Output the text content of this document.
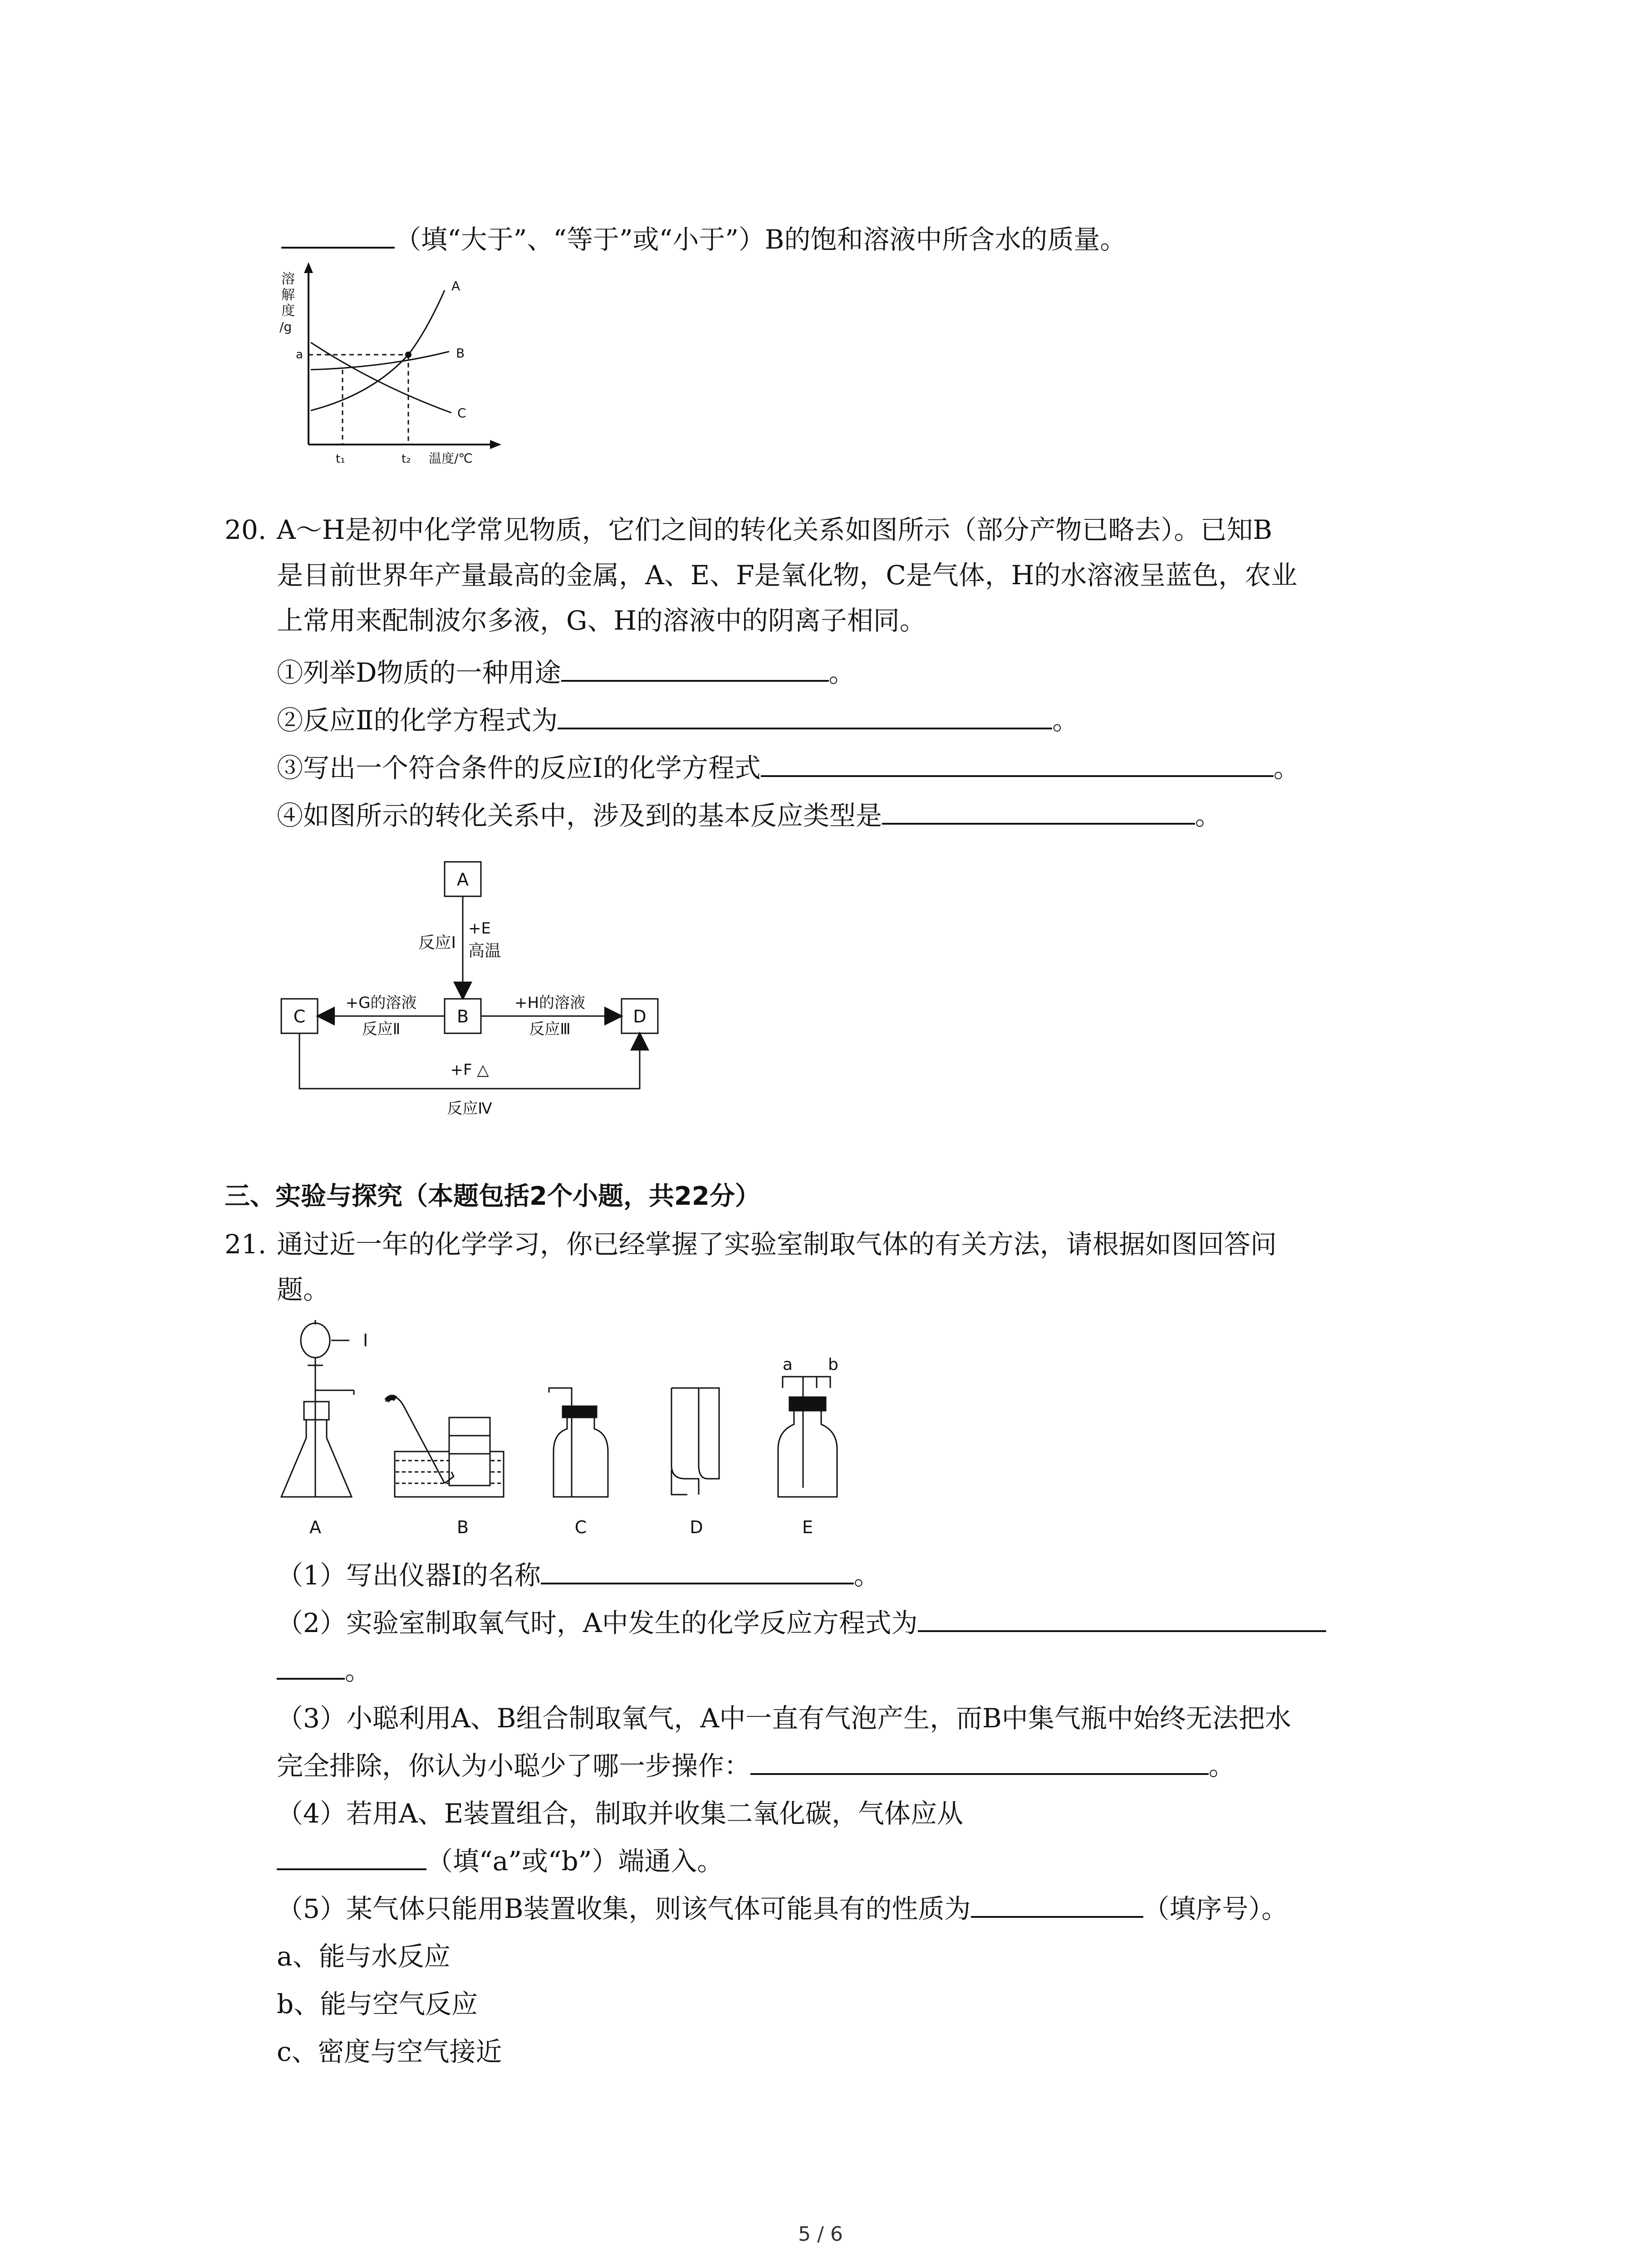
（填“大于”、“等于”或“小于”）B的饱和溶液中所含水的质量。
溶
解
度
/g
a
A
B
C
t₁	t₂ 温度/℃
20. A～H是初中化学常见物质，它们之间的转化关系如图所示（部分产物已略去）。已知B
是目前世界年产量最高的金属，A、E、F是氧化物，C是气体，H的水溶液呈蓝色，农业
上常用来配制波尔多液，G、H的溶液中的阴离子相同。
①列举D物质的一种用途	。
②反应Ⅱ的化学方程式为	。
③写出一个符合条件的反应Ⅰ的化学方程式	。
④如图所示的转化关系中，涉及到的基本反应类型是	。
A
反应Ⅰ
+E
高温
B
C	D
+G的溶液
反应Ⅱ
+H的溶液
反应Ⅲ
+F △
反应Ⅳ
三、实验与探究（本题包括2个小题，共22分）
21. 通过近一年的化学学习，你已经掌握了实验室制取气体的有关方法，请根据如图回答问
题。
I
a b
A	B	C	D	E
（1）写出仪器Ⅰ的名称	。
（2）实验室制取氧气时，A中发生的化学反应方程式为
。
（3）小聪利用A、B组合制取氧气，A中一直有气泡产生，而B中集气瓶中始终无法把水
完全排除，你认为小聪少了哪一步操作：	。
（4）若用A、E装置组合，制取并收集二氧化碳，气体应从
（填“a”或“b”）端通入。
（5）某气体只能用B装置收集，则该气体可能具有的性质为	（填序号）。
a、能与水反应
b、能与空气反应
c、密度与空气接近
5 / 6
